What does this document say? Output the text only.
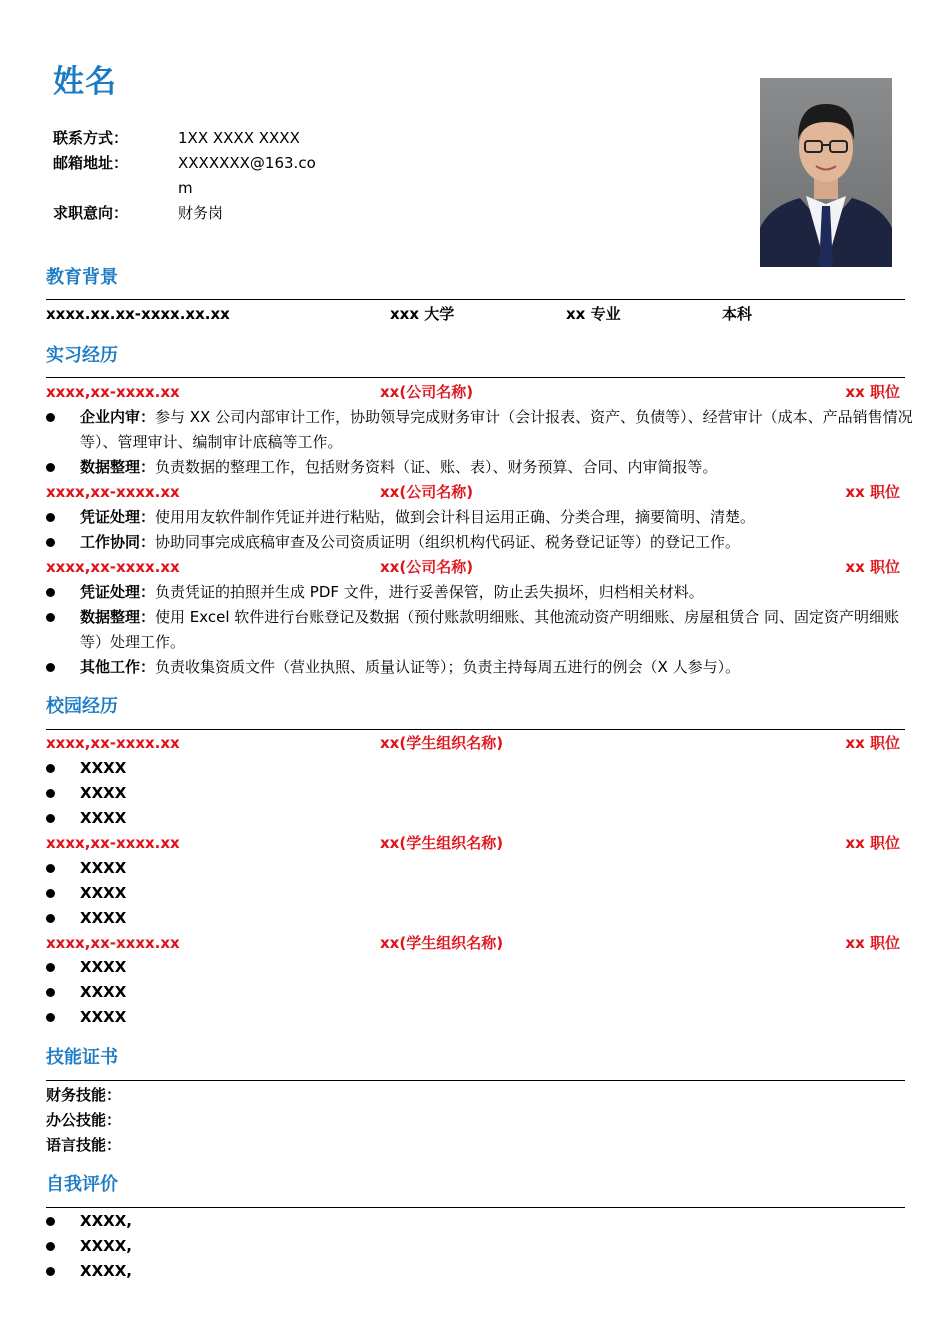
姓名
联系方式：	1XX XXXX XXXX
邮箱地址：	XXXXXXX@163.com
求职意向：	财务岗
教育背景
xxxx.xx.xx-xxxx.xx.xx	xxx 大学	xx 专业	本科
实习经历
xxxx,xx-xxxx.xx	xx(公司名称)	xx 职位
企业内审：参与 XX 公司内部审计工作，协助领导完成财务审计（会计报表、资产、负债等）、经营审计（成本、产品销售情况等）、管理审计、编制审计底稿等工作。
数据整理：负责数据的整理工作，包括财务资料（证、账、表）、财务预算、合同、内审简报等。
xxxx,xx-xxxx.xx	xx(公司名称)	xx 职位
凭证处理：使用用友软件制作凭证并进行粘贴，做到会计科目运用正确、分类合理，摘要简明、清楚。
工作协同：协助同事完成底稿审查及公司资质证明（组织机构代码证、税务登记证等）的登记工作。
xxxx,xx-xxxx.xx	xx(公司名称)	xx 职位
凭证处理：负责凭证的拍照并生成 PDF 文件，进行妥善保管，防止丢失损坏，归档相关材料。
数据整理：使用 Excel 软件进行台账登记及数据（预付账款明细账、其他流动资产明细账、房屋租赁合 同、固定资产明细账等）处理工作。
其他工作：负责收集资质文件（营业执照、质量认证等）；负责主持每周五进行的例会（X 人参与）。
校园经历
xxxx,xx-xxxx.xx	xx(学生组织名称)	xx 职位
XXXX
XXXX
XXXX
xxxx,xx-xxxx.xx	xx(学生组织名称)	xx 职位
XXXX
XXXX
XXXX
xxxx,xx-xxxx.xx	xx(学生组织名称)	xx 职位
XXXX
XXXX
XXXX
技能证书
财务技能：
办公技能：
语言技能：
自我评价
XXXX,
XXXX,
XXXX,
